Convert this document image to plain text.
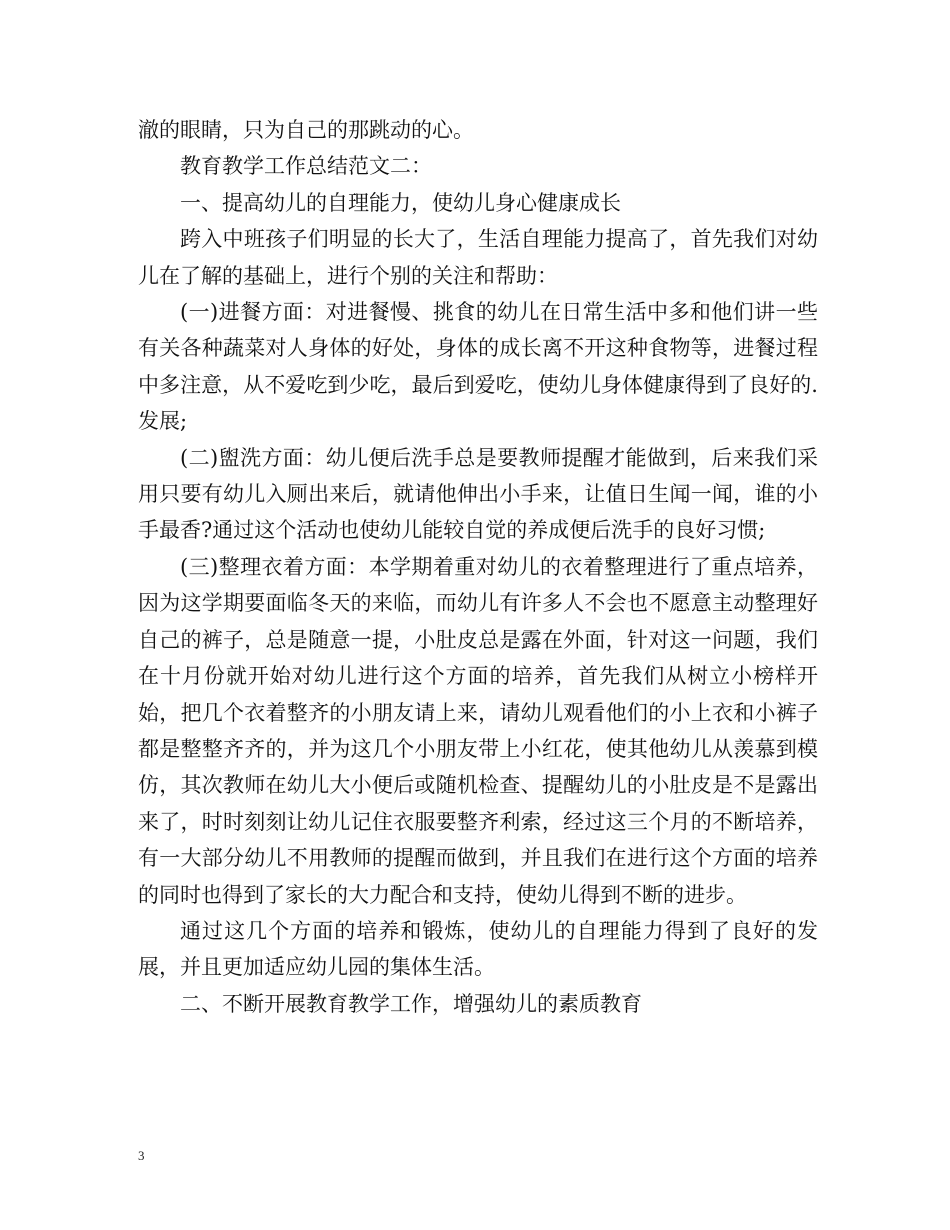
澈的眼睛，只为自己的那跳动的心。

教育教学工作总结范文二：

一、提高幼儿的自理能力，使幼儿身心健康成长

跨入中班孩子们明显的长大了，生活自理能力提高了，首先我们对幼儿在了解的基础上，进行个别的关注和帮助：

(一)进餐方面：对进餐慢、挑食的幼儿在日常生活中多和他们讲一些有关各种蔬菜对人身体的好处，身体的成长离不开这种食物等，进餐过程中多注意，从不爱吃到少吃，最后到爱吃，使幼儿身体健康得到了良好的. 发展;

(二)盥洗方面：幼儿便后洗手总是要教师提醒才能做到，后来我们采用只要有幼儿入厕出来后，就请他伸出小手来，让值日生闻一闻，谁的小手最香?通过这个活动也使幼儿能较自觉的养成便后洗手的良好习惯;

(三)整理衣着方面：本学期着重对幼儿的衣着整理进行了重点培养，因为这学期要面临冬天的来临，而幼儿有许多人不会也不愿意主动整理好自己的裤子，总是随意一提，小肚皮总是露在外面，针对这一问题，我们在十月份就开始对幼儿进行这个方面的培养，首先我们从树立小榜样开始，把几个衣着整齐的小朋友请上来，请幼儿观看他们的小上衣和小裤子都是整整齐齐的，并为这几个小朋友带上小红花，使其他幼儿从羡慕到模仿，其次教师在幼儿大小便后或随机检查、提醒幼儿的小肚皮是不是露出来了，时时刻刻让幼儿记住衣服要整齐利索，经过这三个月的不断培养，有一大部分幼儿不用教师的提醒而做到，并且我们在进行这个方面的培养的同时也得到了家长的大力配合和支持，使幼儿得到不断的进步。

通过这几个方面的培养和锻炼，使幼儿的自理能力得到了良好的发展，并且更加适应幼儿园的集体生活。

二、不断开展教育教学工作，增强幼儿的素质教育

3
